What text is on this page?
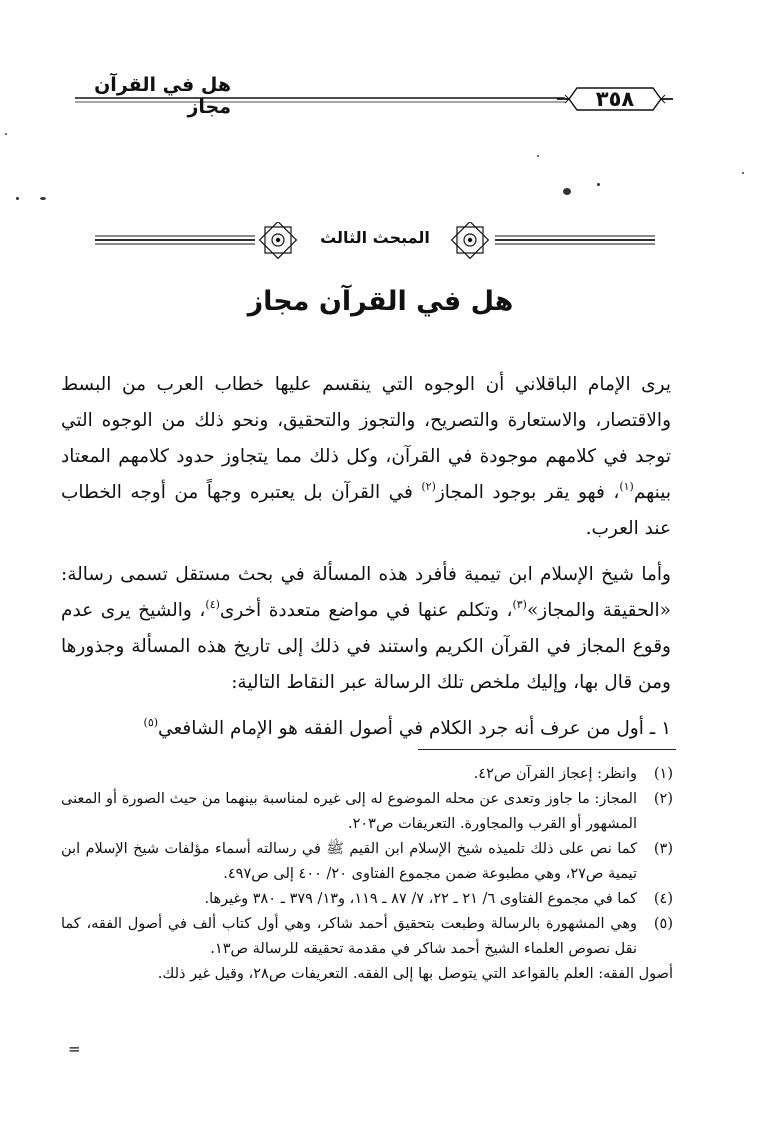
هل في القرآن مجاز	٣٥٨
المبحث الثالث
هل في القرآن مجاز

يرى الإمام الباقلاني أن الوجوه التي ينقسم عليها خطاب العرب من البسط والاقتصار، والاستعارة والتصريح، والتجوز والتحقيق، ونحو ذلك من الوجوه التي توجد في كلامهم موجودة في القرآن، وكل ذلك مما يتجاوز حدود كلامهم المعتاد بينهم$^{(١)}$، فهو يقر بوجود المجاز$^{(٢)}$ في القرآن بل يعتبره وجهاً من أوجه الخطاب عند العرب.

وأما شيخ الإسلام ابن تيمية فأفرد هذه المسألة في بحث مستقل تسمى رسالة: «الحقيقة والمجاز»$^{(٣)}$، وتكلم عنها في مواضع متعددة أخرى$^{(٤)}$، والشيخ يرى عدم وقوع المجاز في القرآن الكريم واستند في ذلك إلى تاريخ هذه المسألة وجذورها ومن قال بها، وإليك ملخص تلك الرسالة عبر النقاط التالية:

١ ـ أول من عرف أنه جرد الكلام في أصول الفقه هو الإمام الشافعي$^{(٥)}$

(١)
وانظر: إعجاز القرآن ص٤٢.
(٢)
المجاز: ما جاوز وتعدى عن محله الموضوع له إلى غيره لمناسبة بينهما من حيث الصورة أو المعنى المشهور أو القرب والمجاورة. التعريفات ص٢٠٣.
(٣)
كما نص على ذلك تلميذه شيخ الإسلام ابن القيم ﷺ في رسالته أسماء مؤلفات شيخ الإسلام ابن تيمية ص٢٧، وهي مطبوعة ضمن مجموع الفتاوى ٢٠/ ٤٠٠ إلى ص٤٩٧.
(٤)
كما في مجموع الفتاوى ٦/ ٢١ ـ ٢٢، ٧/ ٨٧ ـ ١١٩، و١٣/ ٣٧٩ ـ ٣٨٠ وغيرها.
(٥)
وهي المشهورة بالرسالة وطبعت بتحقيق أحمد شاكر، وهي أول كتاب ألف في أصول الفقه، كما نقل نصوص العلماء الشيخ أحمد شاكر في مقدمة تحقيقه للرسالة ص١٣.

أصول الفقه: العلم بالقواعد التي يتوصل بها إلى الفقه. التعريفات ص٢٨، وقيل غير ذلك.

=
